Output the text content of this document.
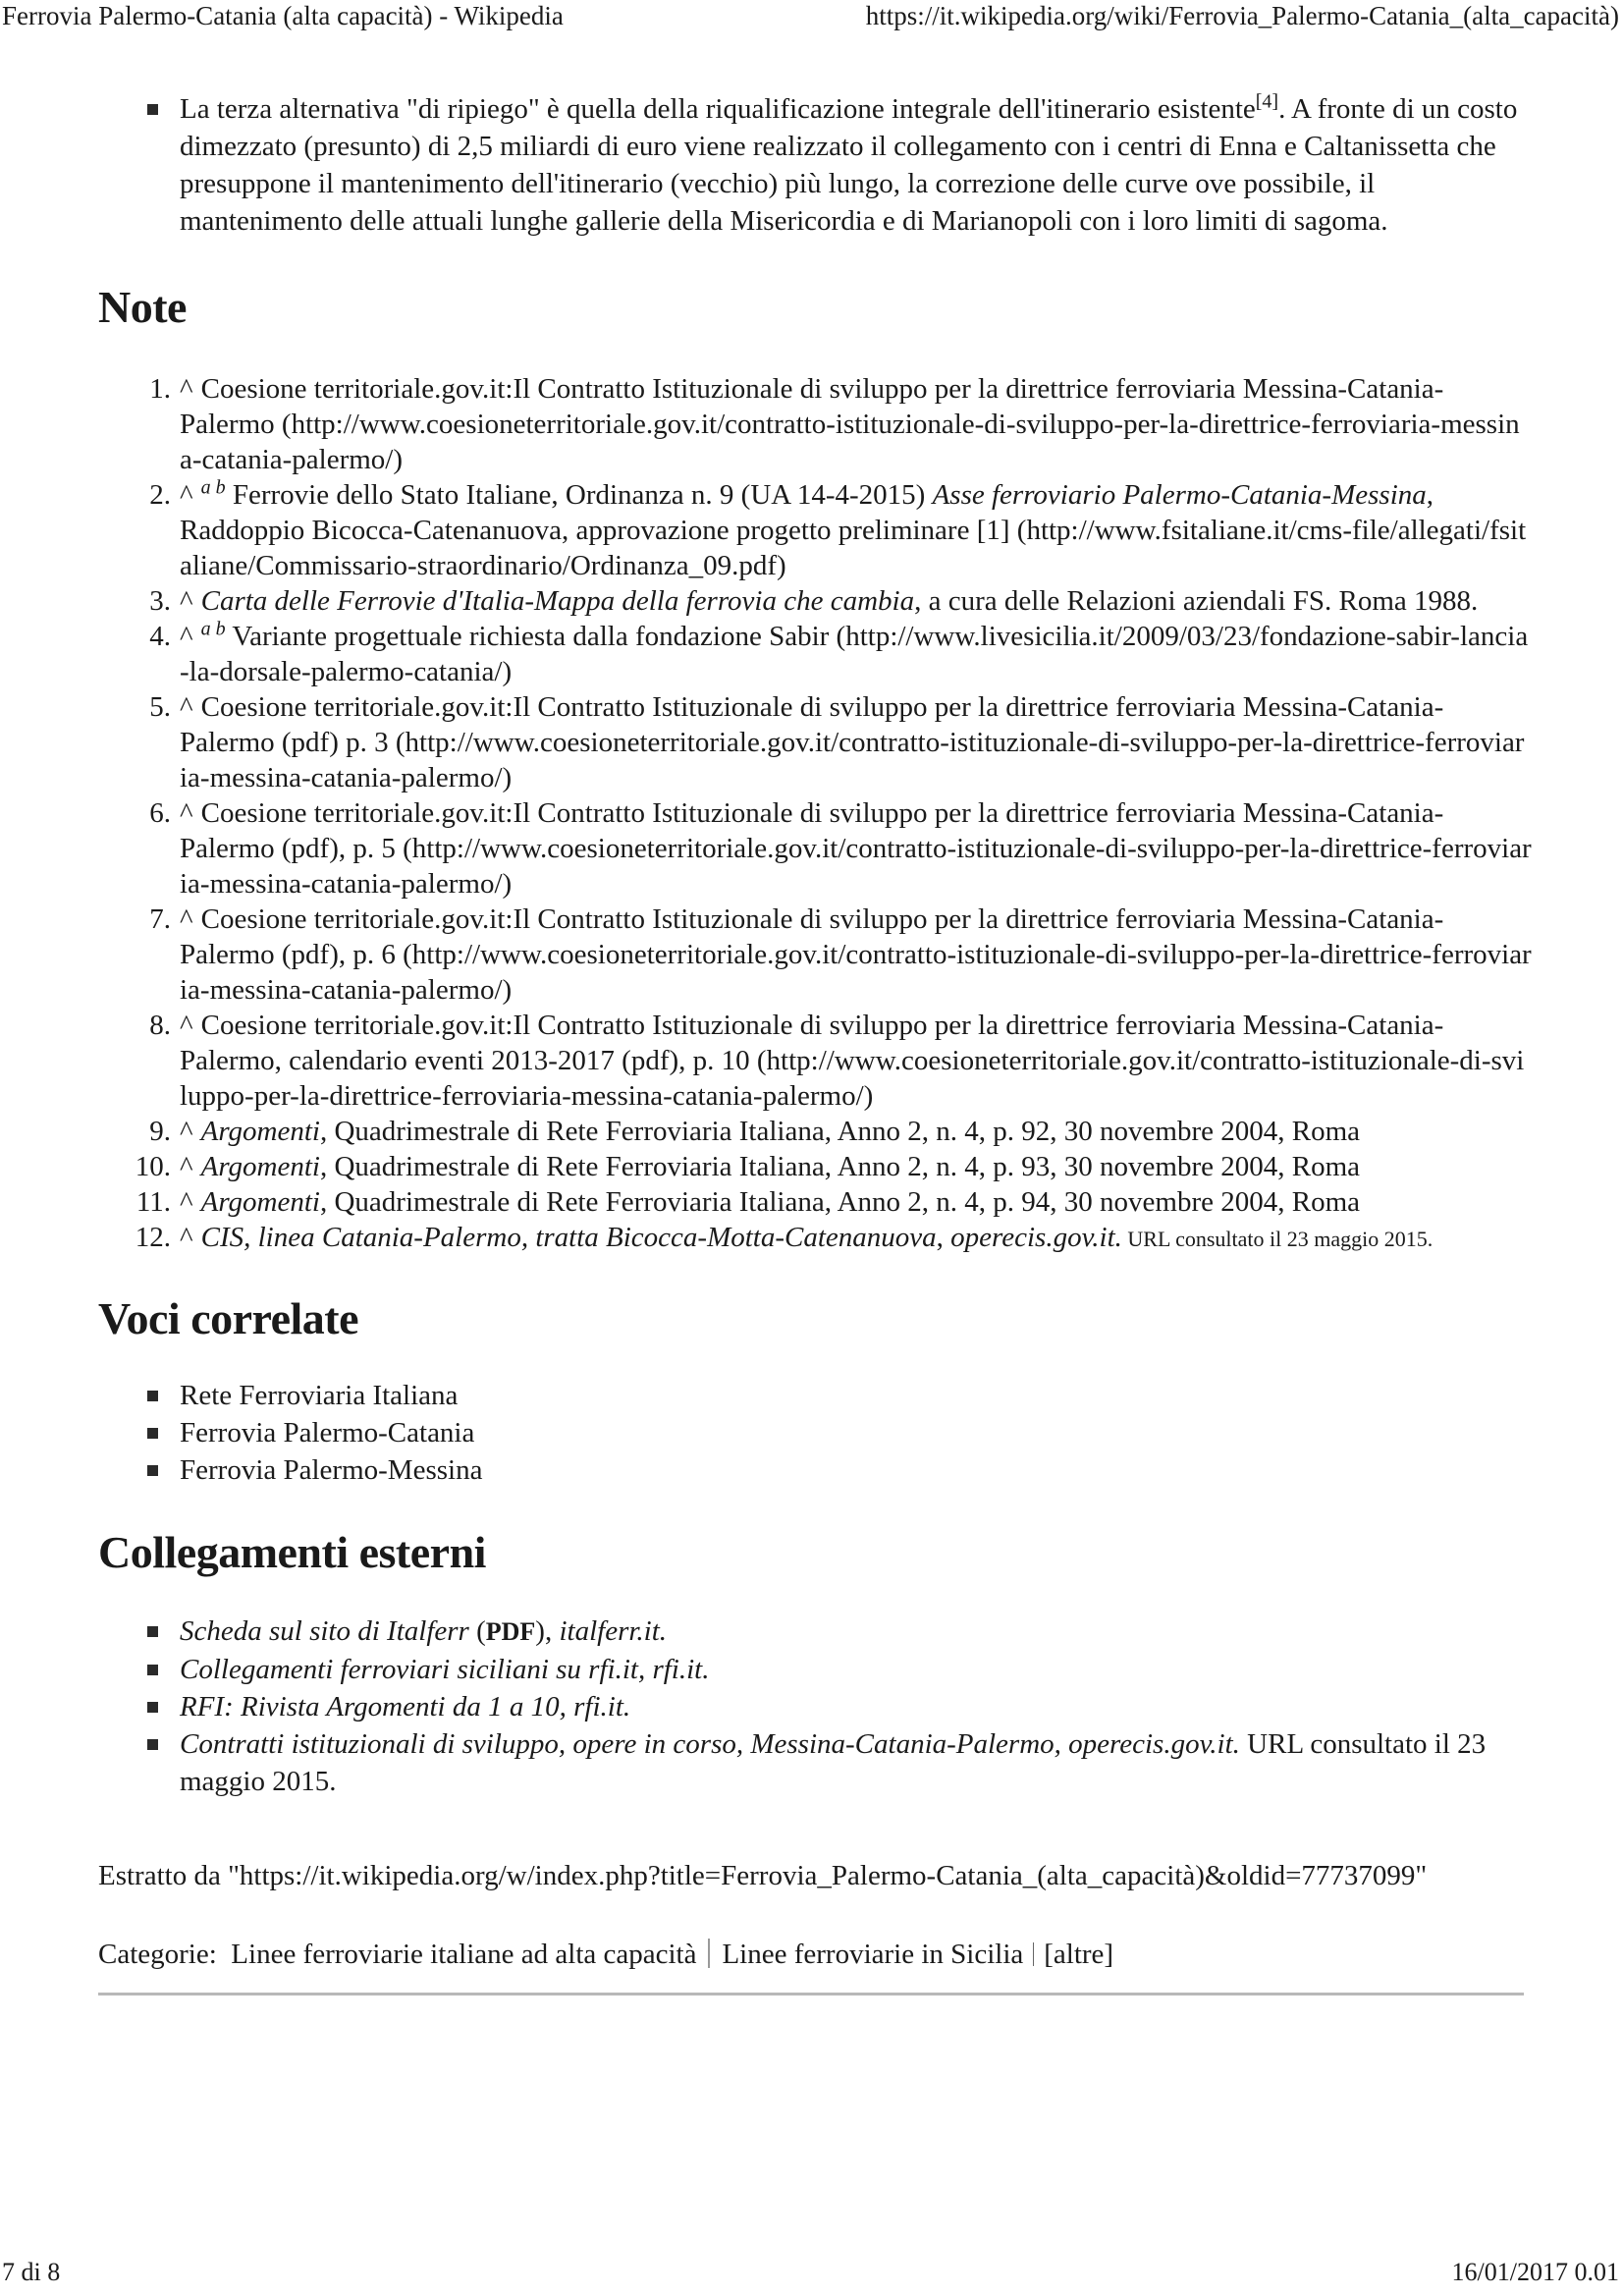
Ferrovia Palermo-Catania (alta capacità) - Wikipedia	https://it.wikipedia.org/wiki/Ferrovia_Palermo-Catania_(alta_capacità)
La terza alternativa "di ripiego" è quella della riqualificazione integrale dell'itinerario esistente[4]. A fronte di un costo dimezzato (presunto) di 2,5 miliardi di euro viene realizzato il collegamento con i centri di Enna e Caltanissetta che presuppone il mantenimento dell'itinerario (vecchio) più lungo, la correzione delle curve ove possibile, il mantenimento delle attuali lunghe gallerie della Misericordia e di Marianopoli con i loro limiti di sagoma.
Note
1. ^ Coesione territoriale.gov.it:Il Contratto Istituzionale di sviluppo per la direttrice ferroviaria Messina-Catania-Palermo (http://www.coesioneterritoriale.gov.it/contratto-istituzionale-di-sviluppo-per-la-direttrice-ferroviaria-messina-catania-palermo/)
2. ^ $^{a b}$ Ferrovie dello Stato Italiane, Ordinanza n. 9 (UA 14-4-2015) Asse ferroviario Palermo-Catania-Messina, Raddoppio Bicocca-Catenanuova, approvazione progetto preliminare [1] (http://www.fsitaliane.it/cms-file/allegati/fsitaliane/Commissario-straordinario/Ordinanza_09.pdf)
3. ^ Carta delle Ferrovie d'Italia-Mappa della ferrovia che cambia, a cura delle Relazioni aziendali FS. Roma 1988.
4. ^ $^{a b}$ Variante progettuale richiesta dalla fondazione Sabir (http://www.livesicilia.it/2009/03/23/fondazione-sabir-lancia-la-dorsale-palermo-catania/)
5. ^ Coesione territoriale.gov.it:Il Contratto Istituzionale di sviluppo per la direttrice ferroviaria Messina-Catania-Palermo (pdf) p. 3 (http://www.coesioneterritoriale.gov.it/contratto-istituzionale-di-sviluppo-per-la-direttrice-ferroviaria-messina-catania-palermo/)
6. ^ Coesione territoriale.gov.it:Il Contratto Istituzionale di sviluppo per la direttrice ferroviaria Messina-Catania-Palermo (pdf), p. 5 (http://www.coesioneterritoriale.gov.it/contratto-istituzionale-di-sviluppo-per-la-direttrice-ferroviaria-messina-catania-palermo/)
7. ^ Coesione territoriale.gov.it:Il Contratto Istituzionale di sviluppo per la direttrice ferroviaria Messina-Catania-Palermo (pdf), p. 6 (http://www.coesioneterritoriale.gov.it/contratto-istituzionale-di-sviluppo-per-la-direttrice-ferroviaria-messina-catania-palermo/)
8. ^ Coesione territoriale.gov.it:Il Contratto Istituzionale di sviluppo per la direttrice ferroviaria Messina-Catania-Palermo, calendario eventi 2013-2017 (pdf), p. 10 (http://www.coesioneterritoriale.gov.it/contratto-istituzionale-di-sviluppo-per-la-direttrice-ferroviaria-messina-catania-palermo/)
9. ^ Argomenti, Quadrimestrale di Rete Ferroviaria Italiana, Anno 2, n. 4, p. 92, 30 novembre 2004, Roma
10. ^ Argomenti, Quadrimestrale di Rete Ferroviaria Italiana, Anno 2, n. 4, p. 93, 30 novembre 2004, Roma
11. ^ Argomenti, Quadrimestrale di Rete Ferroviaria Italiana, Anno 2, n. 4, p. 94, 30 novembre 2004, Roma
12. ^ CIS, linea Catania-Palermo, tratta Bicocca-Motta-Catenanuova, operecis.gov.it. URL consultato il 23 maggio 2015.
Voci correlate
Rete Ferroviaria Italiana
Ferrovia Palermo-Catania
Ferrovia Palermo-Messina
Collegamenti esterni
Scheda sul sito di Italferr (PDF), italferr.it.
Collegamenti ferroviari siciliani su rfi.it, rfi.it.
RFI: Rivista Argomenti da 1 a 10, rfi.it.
Contratti istituzionali di sviluppo, opere in corso, Messina-Catania-Palermo, operecis.gov.it. URL consultato il 23 maggio 2015.
Estratto da "https://it.wikipedia.org/w/index.php?title=Ferrovia_Palermo-Catania_(alta_capacità)&oldid=77737099"
Categorie: Linee ferroviarie italiane ad alta capacità Linee ferroviarie in Sicilia [altre]
7 di 8	16/01/2017 0.01
